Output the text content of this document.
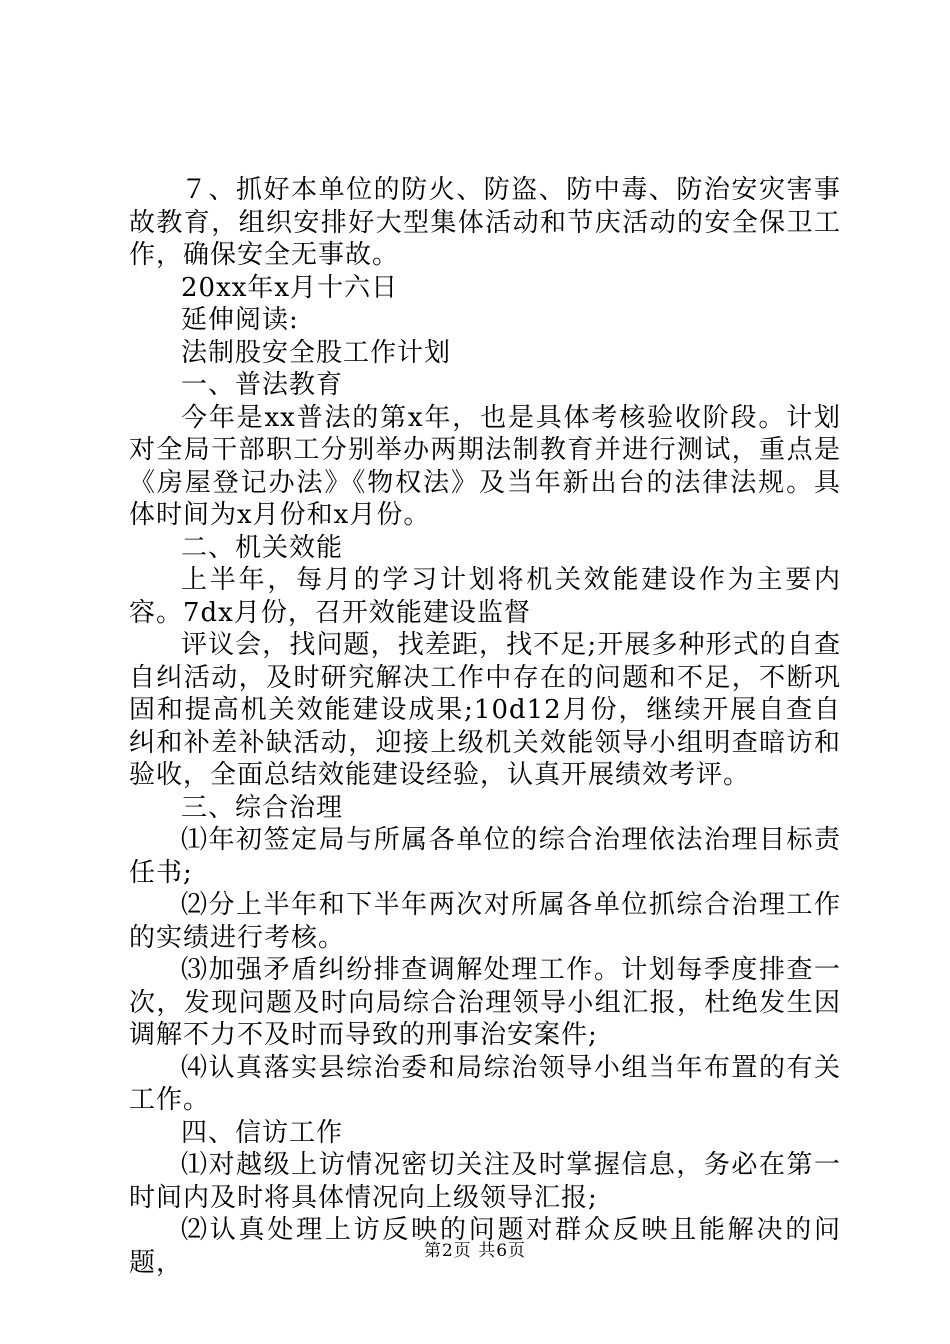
７、抓好本单位的防火、防盗、防中毒、防治安灾害事故教育，组织安排好大型集体活动和节庆活动的安全保卫工作，确保安全无事故。

20xx年x月十六日

延伸阅读:

法制股安全股工作计划

一、普法教育

今年是xx普法的第x年，也是具体考核验收阶段。计划对全局干部职工分别举办两期法制教育并进行测试，重点是《房屋登记办法》《物权法》及当年新出台的法律法规。具体时间为x月份和x月份。

二、机关效能

上半年，每月的学习计划将机关效能建设作为主要内容。7dx月份，召开效能建设监督

评议会，找问题，找差距，找不足;开展多种形式的自查自纠活动，及时研究解决工作中存在的问题和不足，不断巩固和提高机关效能建设成果;10d12月份，继续开展自查自纠和补差补缺活动，迎接上级机关效能领导小组明查暗访和验收，全面总结效能建设经验，认真开展绩效考评。

三、综合治理

⑴年初签定局与所属各单位的综合治理依法治理目标责任书;

⑵分上半年和下半年两次对所属各单位抓综合治理工作的实绩进行考核。

⑶加强矛盾纠纷排查调解处理工作。计划每季度排查一次，发现问题及时向局综合治理领导小组汇报，杜绝发生因调解不力不及时而导致的刑事治安案件;

⑷认真落实县综治委和局综治领导小组当年布置的有关工作。

四、信访工作

⑴对越级上访情况密切关注及时掌握信息，务必在第一时间内及时将具体情况向上级领导汇报;

⑵认真处理上访反映的问题对群众反映且能解决的问题，	第2页 共6页
